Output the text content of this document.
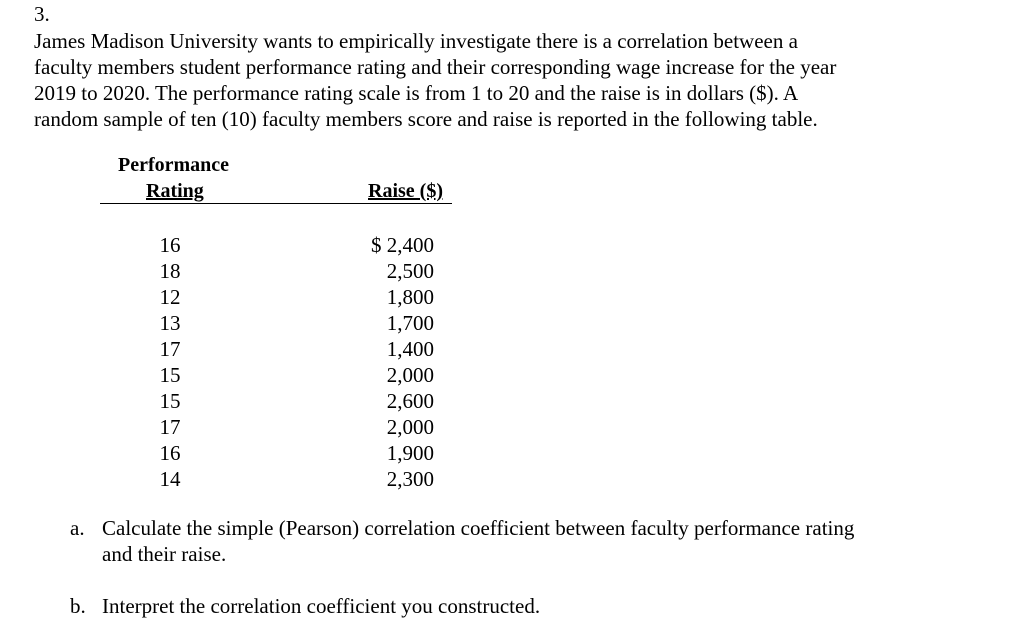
3.
James Madison University wants to empirically investigate there is a correlation between a
faculty members student performance rating and their corresponding wage increase for the year
2019 to 2020. The performance rating scale is from 1 to 20 and the raise is in dollars ($). A
random sample of ten (10) faculty members score and raise is reported in the following table.
Performance
Rating	Raise ($)
16
18
12
13
17
15
15
17
16
14
$ 2,400
2,500
1,800
1,700
1,400
2,000
2,600
2,000
1,900
2,300
a. Calculate the simple (Pearson) correlation coefficient between faculty performance rating
and their raise.
b. Interpret the correlation coefficient you constructed.
